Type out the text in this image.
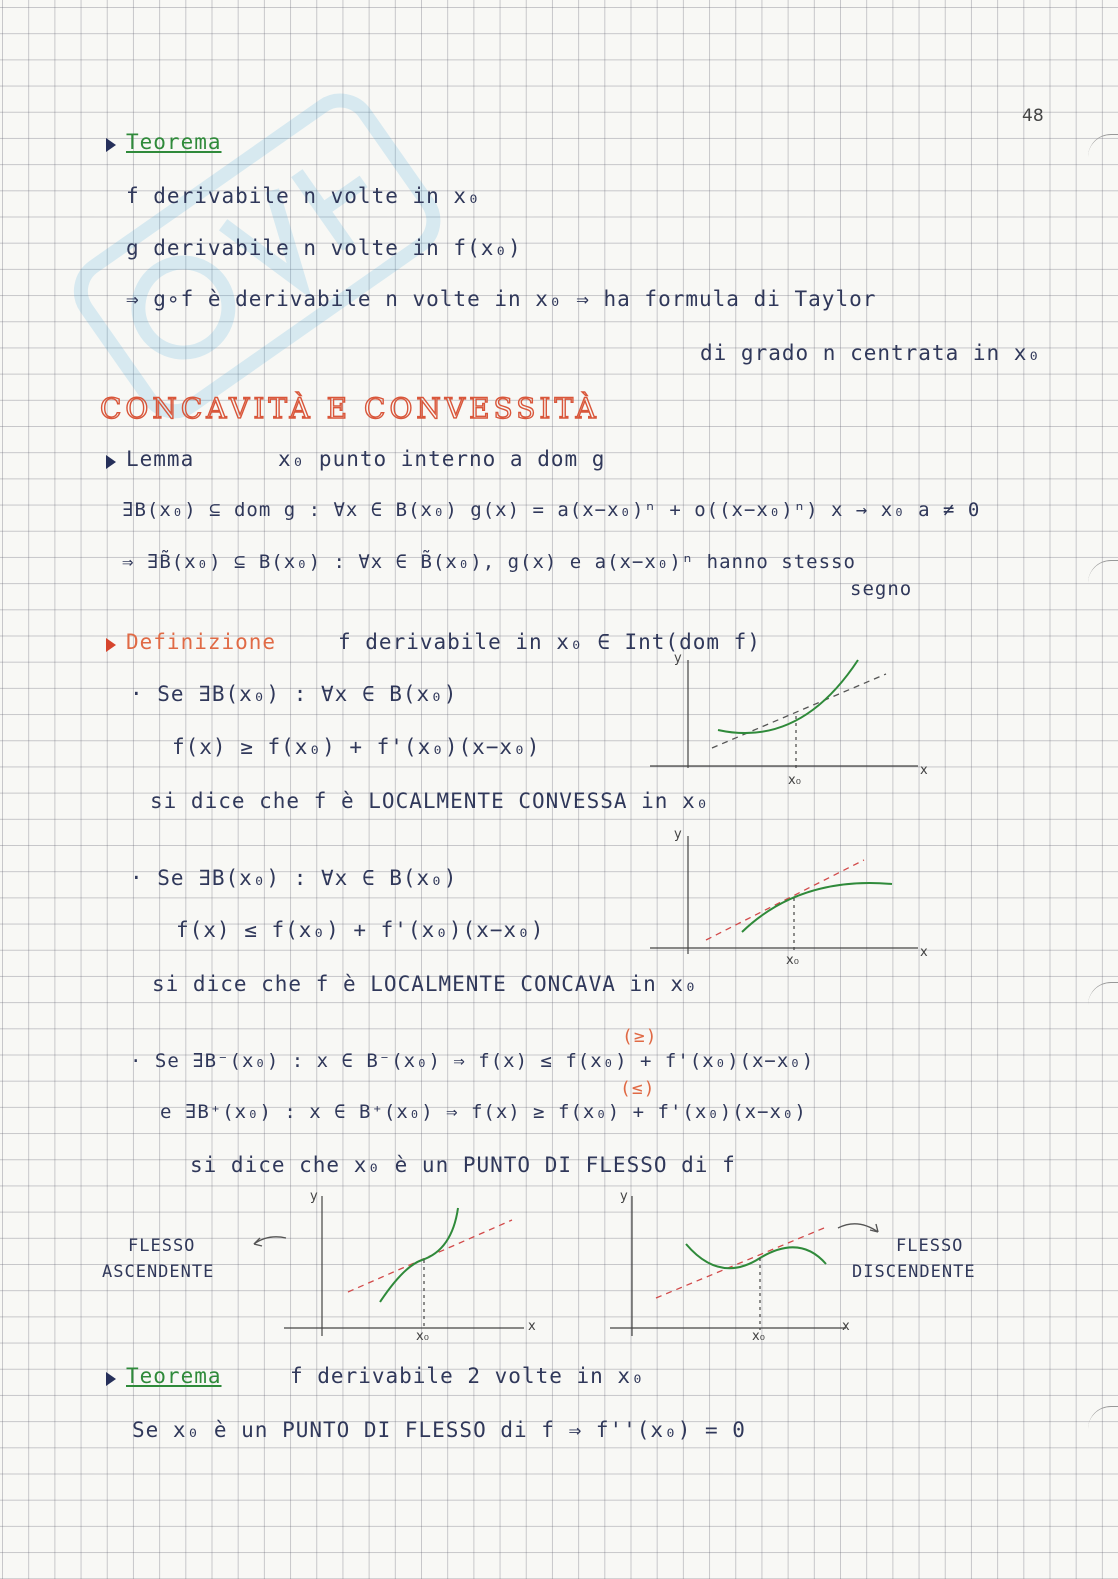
48
Teorema
f derivabile n volte in x₀
g derivabile n volte in f(x₀)
⇒ g∘f è derivabile n volte in x₀ ⇒ ha formula di Taylor
di grado n centrata in x₀
CONCAVITÀ E CONVESSITÀ
Lemma	x₀ punto interno a dom g
∃B(x₀) ⊆ dom g : ∀x ∈ B(x₀) g(x) = a(x−x₀)ⁿ + o((x−x₀)ⁿ) x → x₀ a ≠ 0
⇒ ∃B̃(x₀) ⊆ B(x₀) : ∀x ∈ B̃(x₀), g(x) e a(x−x₀)ⁿ hanno stesso
segno
Definizione	f derivabile in x₀ ∈ Int(dom f)
· Se ∃B(x₀) : ∀x ∈ B(x₀)
f(x) ≥ f(x₀) + f'(x₀)(x−x₀)
si dice che f è LOCALMENTE CONVESSA in x₀
· Se ∃B(x₀) : ∀x ∈ B(x₀)
f(x) ≤ f(x₀) + f'(x₀)(x−x₀)
si dice che f è LOCALMENTE CONCAVA in x₀
(≥)
· Se ∃B⁻(x₀) : x ∈ B⁻(x₀) ⇒ f(x) ≤ f(x₀) + f'(x₀)(x−x₀)
(≤)
e ∃B⁺(x₀) : x ∈ B⁺(x₀) ⇒ f(x) ≥ f(x₀) + f'(x₀)(x−x₀)
si dice che x₀ è un PUNTO DI FLESSO di f
y
x
x₀
y
x
x₀
FLESSO
ASCENDENTE
y
x
x₀
y
x
x₀
FLESSO
DISCENDENTE
Teorema	f derivabile 2 volte in x₀
Se x₀ è un PUNTO DI FLESSO di f ⇒ f''(x₀) = 0
